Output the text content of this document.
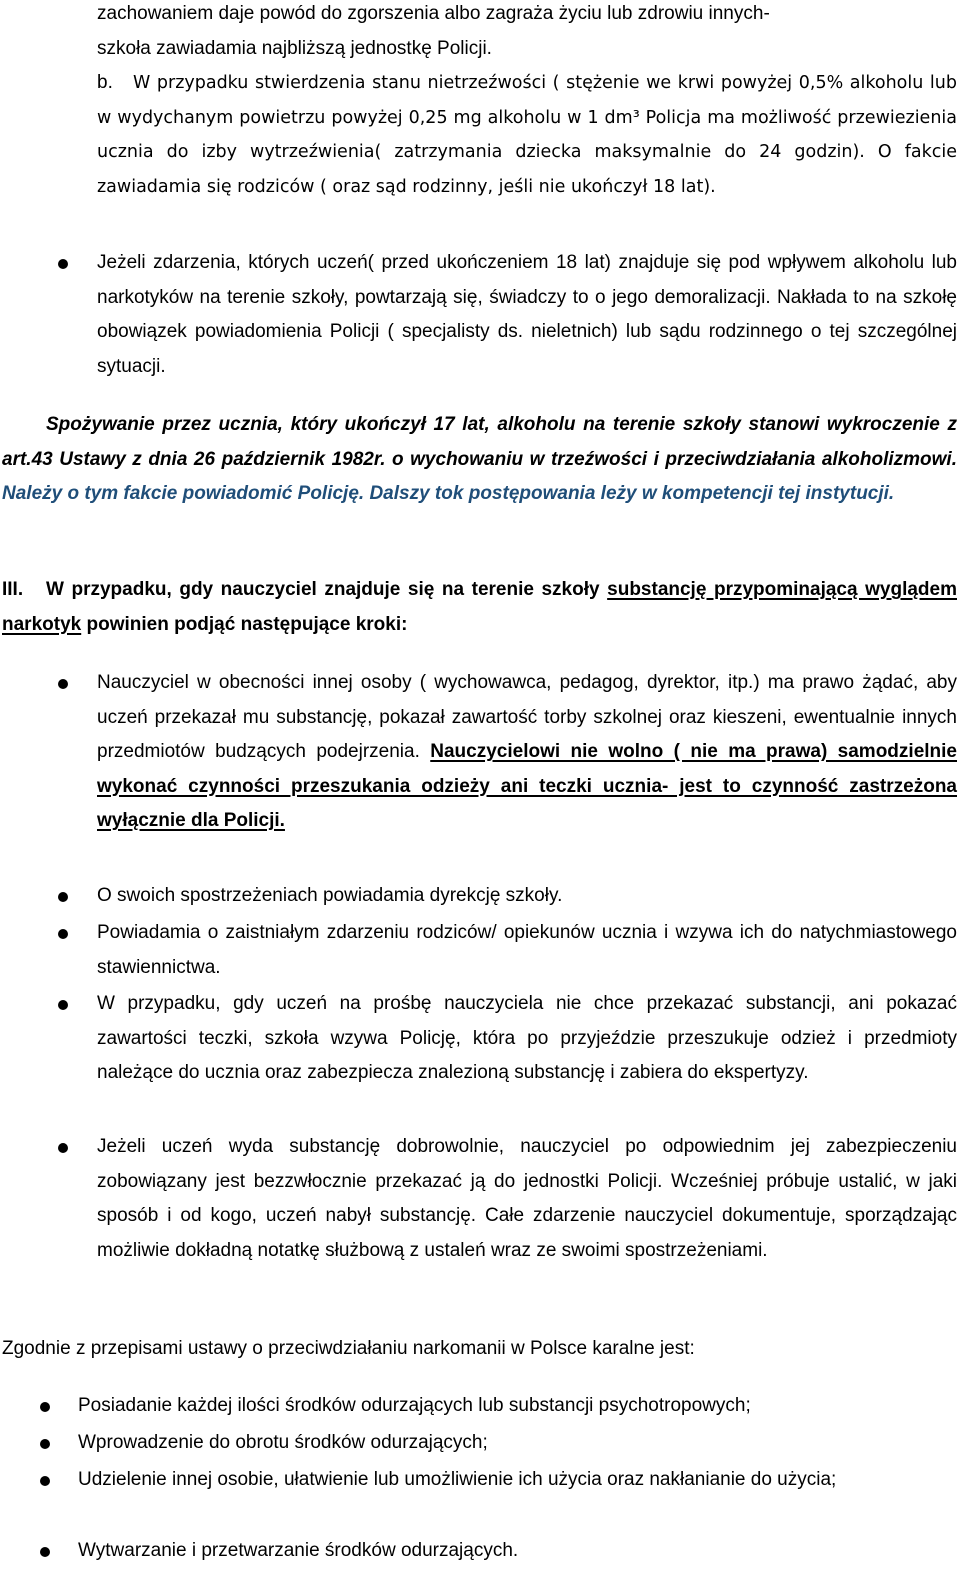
zachowaniem daje powód do zgorszenia albo zagraża życiu lub zdrowiu innych-

szkoła zawiadamia najbliższą jednostkę Policji.

b.	W przypadku stwierdzenia stanu nietrzeźwości ( stężenie we krwi powyżej 0,5% alkoholu lub w wydychanym powietrzu powyżej 0,25 mg alkoholu w 1 dm³ Policja ma możliwość przewiezienia ucznia do izby wytrzeźwienia( zatrzymania dziecka maksymalnie do 24 godzin). O fakcie zawiadamia się rodziców ( oraz sąd rodzinny, jeśli nie ukończył 18 lat).

Jeżeli zdarzenia, których uczeń( przed ukończeniem 18 lat) znajduje się pod wpływem alkoholu lub narkotyków na terenie szkoły, powtarzają się, świadczy to o jego demoralizacji. Nakłada to na szkołę obowiązek powiadomienia Policji ( specjalisty ds. nieletnich) lub sądu rodzinnego o tej szczególnej sytuacji.

Spożywanie przez ucznia, który ukończył 17 lat, alkoholu na terenie szkoły stanowi wykroczenie z art.43 Ustawy z dnia 26 październik 1982r. o wychowaniu w trzeźwości i przeciwdziałania alkoholizmowi. Należy o tym fakcie powiadomić Policję. Dalszy tok postępowania leży w kompetencji tej instytucji.

III. W przypadku, gdy nauczyciel znajduje się na terenie szkoły substancję przypominającą wyglądem narkotyk powinien podjąć następujące kroki:

Nauczyciel w obecności innej osoby ( wychowawca, pedagog, dyrektor, itp.) ma prawo żądać, aby uczeń przekazał mu substancję, pokazał zawartość torby szkolnej oraz kieszeni, ewentualnie innych przedmiotów budzących podejrzenia. Nauczycielowi nie wolno ( nie ma prawa) samodzielnie wykonać czynności przeszukania odzieży ani teczki ucznia- jest to czynność zastrzeżona wyłącznie dla Policji.

O swoich spostrzeżeniach powiadamia dyrekcję szkoły.

Powiadamia o zaistniałym zdarzeniu rodziców/ opiekunów ucznia i wzywa ich do natychmiastowego stawiennictwa.

W przypadku, gdy uczeń na prośbę nauczyciela nie chce przekazać substancji, ani pokazać zawartości teczki, szkoła wzywa Policję, która po przyjeździe przeszukuje odzież i przedmioty należące do ucznia oraz zabezpiecza znalezioną substancję i zabiera do ekspertyzy.

Jeżeli uczeń wyda substancję dobrowolnie, nauczyciel po odpowiednim jej zabezpieczeniu zobowiązany jest bezzwłocznie przekazać ją do jednostki Policji. Wcześniej próbuje ustalić, w jaki sposób i od kogo, uczeń nabył substancję. Całe zdarzenie nauczyciel dokumentuje, sporządzając możliwie dokładną notatkę służbową z ustaleń wraz ze swoimi spostrzeżeniami.

Zgodnie z przepisami ustawy o przeciwdziałaniu narkomanii w Polsce karalne jest:

Posiadanie każdej ilości środków odurzających lub substancji psychotropowych;

Wprowadzenie do obrotu środków odurzających;

Udzielenie innej osobie, ułatwienie lub umożliwienie ich użycia oraz nakłanianie do użycia;

Wytwarzanie i przetwarzanie środków odurzających.
